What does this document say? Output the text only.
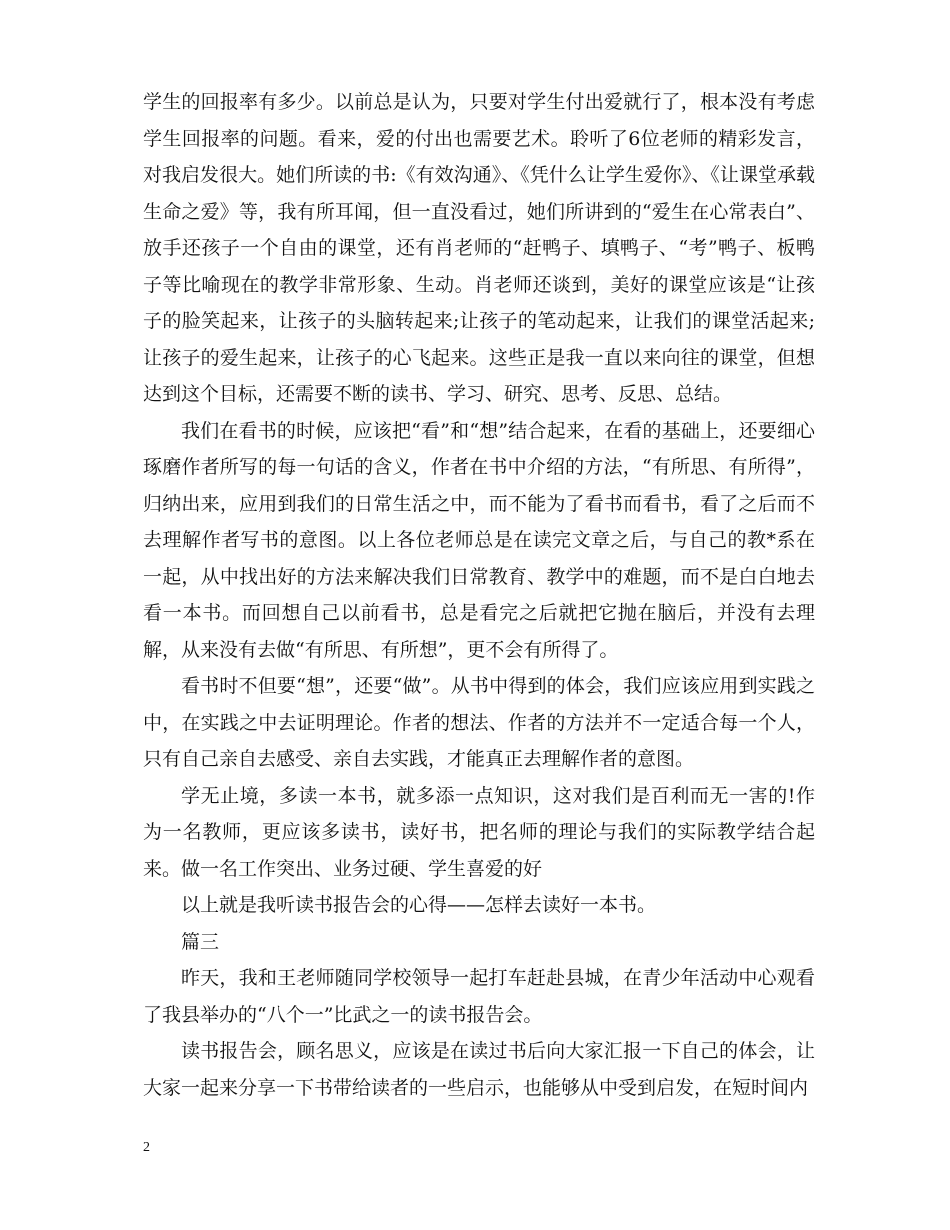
学生的回报率有多少。以前总是认为，只要对学生付出爱就行了，根本没有考虑学生回报率的问题。看来，爱的付出也需要艺术。聆听了6位老师的精彩发言，对我启发很大。她们所读的书:《有效沟通》、《凭什么让学生爱你》、《让课堂承载生命之爱》等，我有所耳闻，但一直没看过，她们所讲到的“爱生在心常表白”、放手还孩子一个自由的课堂，还有肖老师的“赶鸭子、填鸭子、“考”鸭子、板鸭子等比喻现在的教学非常形象、生动。肖老师还谈到，美好的课堂应该是“让孩子的脸笑起来，让孩子的头脑转起来;让孩子的笔动起来，让我们的课堂活起来;让孩子的爱生起来，让孩子的心飞起来。这些正是我一直以来向往的课堂，但想达到这个目标，还需要不断的读书、学习、研究、思考、反思、总结。

我们在看书的时候，应该把“看”和“想”结合起来，在看的基础上，还要细心琢磨作者所写的每一句话的含义，作者在书中介绍的方法，“有所思、有所得”，归纳出来，应用到我们的日常生活之中，而不能为了看书而看书，看了之后而不去理解作者写书的意图。以上各位老师总是在读完文章之后，与自己的教*系在一起，从中找出好的方法来解决我们日常教育、教学中的难题，而不是白白地去看一本书。而回想自己以前看书，总是看完之后就把它抛在脑后，并没有去理解，从来没有去做“有所思、有所想”，更不会有所得了。

看书时不但要“想”，还要“做”。从书中得到的体会，我们应该应用到实践之中，在实践之中去证明理论。作者的想法、作者的方法并不一定适合每一个人，只有自己亲自去感受、亲自去实践，才能真正去理解作者的意图。

学无止境，多读一本书，就多添一点知识，这对我们是百利而无一害的!作为一名教师，更应该多读书，读好书，把名师的理论与我们的实际教学结合起来。做一名工作突出、业务过硬、学生喜爱的好

以上就是我听读书报告会的心得——怎样去读好一本书。

篇三

昨天，我和王老师随同学校领导一起打车赶赴县城，在青少年活动中心观看了我县举办的“八个一”比武之一的读书报告会。

读书报告会，顾名思义，应该是在读过书后向大家汇报一下自己的体会，让大家一起来分享一下书带给读者的一些启示，也能够从中受到启发，在短时间内

2
